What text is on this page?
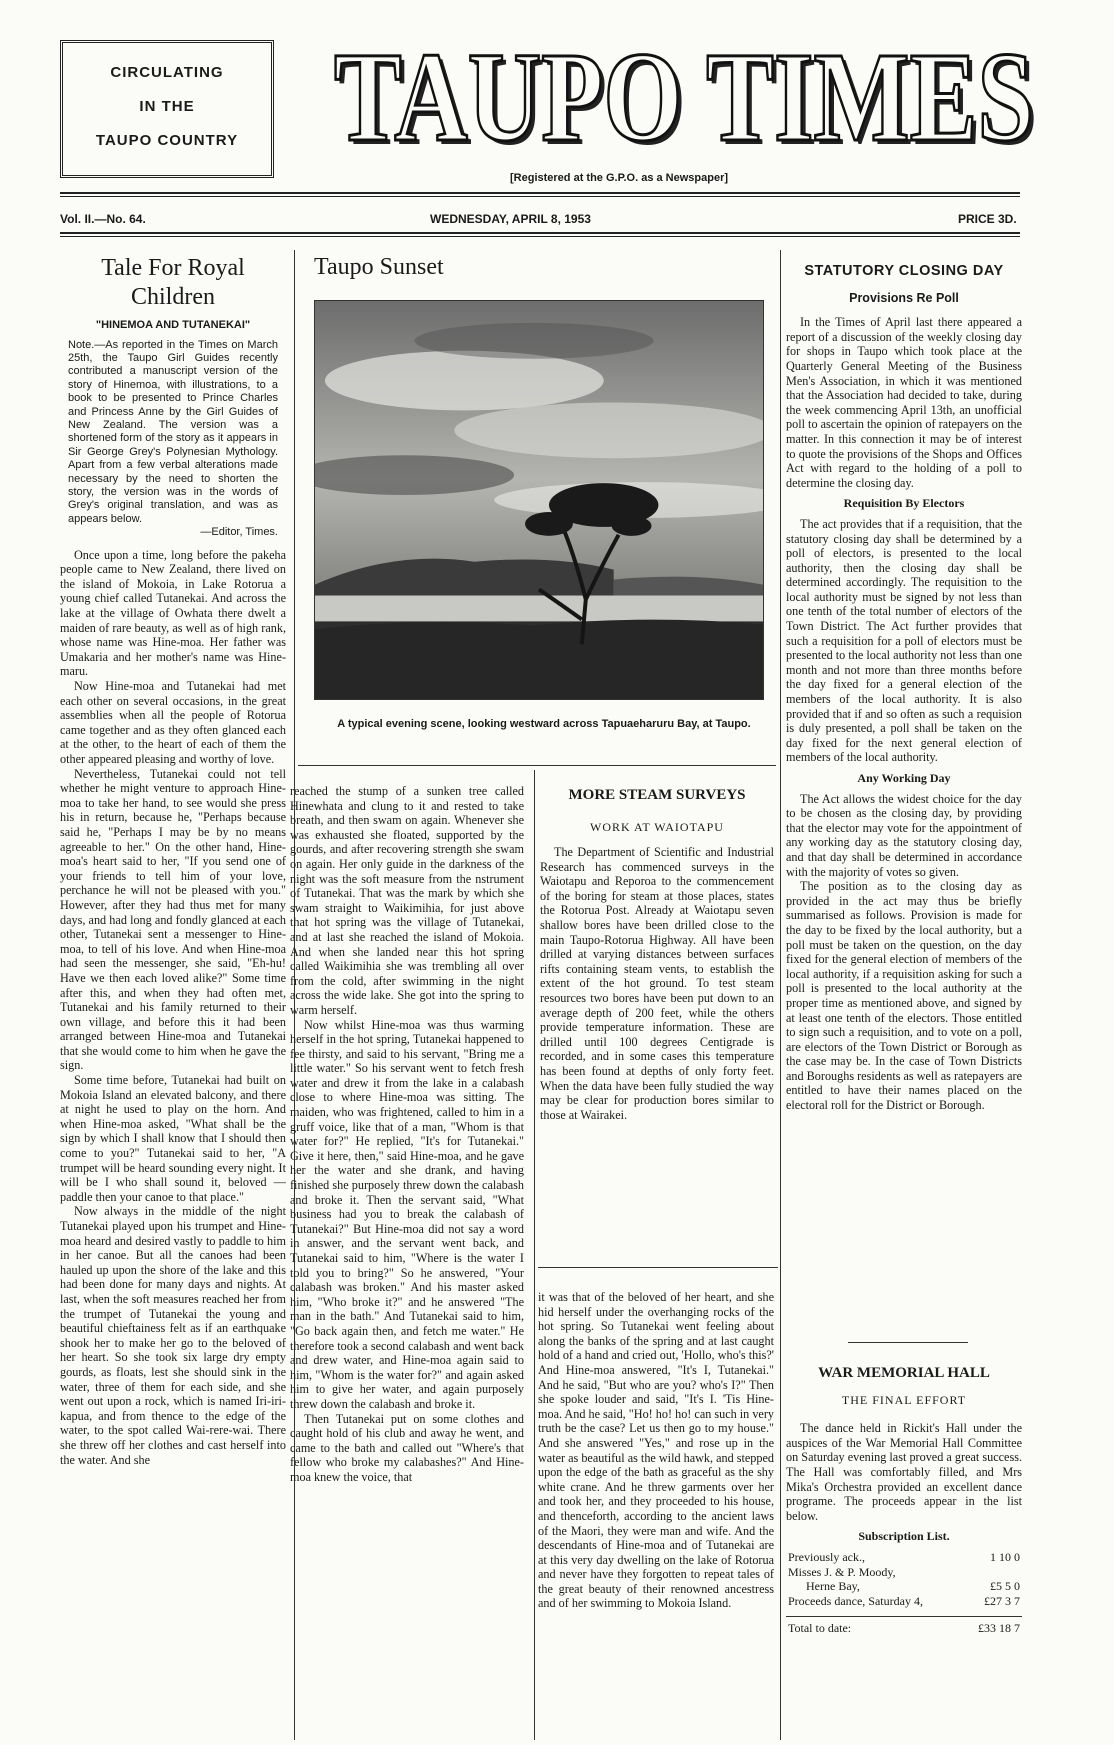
CIRCULATING
IN THE
TAUPO COUNTRY TAUPO TIMES
TAUPO TIMES
[Registered at the G.P.O. as a Newspaper]
Vol. II.—No. 64.	WEDNESDAY, APRIL 8, 1953	PRICE 3D.
Tale For Royal
Children
"HINEMOA AND TUTANEKAI"
Note.—As reported in the Times on March 25th, the Taupo Girl Guides recently contributed a manuscript version of the story of Hinemoa, with illustrations, to a book to be presented to Prince Charles and Princess Anne by the Girl Guides of New Zealand. The version was a shortened form of the story as it appears in Sir George Grey's Polynesian Mythology. Apart from a few verbal alterations made necessary by the need to shorten the story, the version was in the words of Grey's original translation, and was as appears below.
—Editor, Times.

Once upon a time, long before the pakeha people came to New Zealand, there lived on the island of Mokoia, in Lake Rotorua a young chief called Tutanekai. And across the lake at the village of Owhata there dwelt a maiden of rare beauty, as well as of high rank, whose name was Hine-moa. Her father was Umakaria and her mother's name was Hine-maru.

Now Hine-moa and Tutanekai had met each other on several occasions, in the great assemblies when all the people of Rotorua came together and as they often glanced each at the other, to the heart of each of them the other appeared pleasing and worthy of love.

Nevertheless, Tutanekai could not tell whether he might venture to approach Hine-moa to take her hand, to see would she press his in return, because he, "Perhaps because said he, "Perhaps I may be by no means agreeable to her." On the other hand, Hine-moa's heart said to her, "If you send one of your friends to tell him of your love, perchance he will not be pleased with you." However, after they had thus met for many days, and had long and fondly glanced at each other, Tutanekai sent a messenger to Hine-moa, to tell of his love. And when Hine-moa had seen the messenger, she said, "Eh-hu! Have we then each loved alike?" Some time after this, and when they had often met, Tutanekai and his family returned to their own village, and before this it had been arranged between Hine-moa and Tutanekai that she would come to him when he gave the sign.

Some time before, Tutanekai had built on Mokoia Island an elevated balcony, and there at night he used to play on the horn. And when Hine-moa asked, "What shall be the sign by which I shall know that I should then come to you?" Tutanekai said to her, "A trumpet will be heard sounding every night. It will be I who shall sound it, beloved — paddle then your canoe to that place."

Now always in the middle of the night Tutanekai played upon his trumpet and Hine-moa heard and desired vastly to paddle to him in her canoe. But all the canoes had been hauled up upon the shore of the lake and this had been done for many days and nights. At last, when the soft measures reached her from the trumpet of Tutanekai the young and beautiful chieftainess felt as if an earthquake shook her to make her go to the beloved of her heart. So she took six large dry empty gourds, as floats, lest she should sink in the water, three of them for each side, and she went out upon a rock, which is named Iri-iri-kapua, and from thence to the edge of the water, to the spot called Wai-rere-wai. There she threw off her clothes and cast herself into the water. And she

Taupo Sunset
A typical evening scene, looking westward across Tapuaeharuru Bay, at Taupo.

reached the stump of a sunken tree called Hinewhata and clung to it and rested to take breath, and then swam on again. Whenever she was exhausted she floated, supported by the gourds, and after recovering strength she swam on again. Her only guide in the darkness of the night was the soft measure from the nstrument of Tutanekai. That was the mark by which she swam straight to Waikimihia, for just above that hot spring was the village of Tutanekai, and at last she reached the island of Mokoia. And when she landed near this hot spring called Waikimihia she was trembling all over from the cold, after swimming in the night across the wide lake. She got into the spring to warm herself.

Now whilst Hine-moa was thus warming herself in the hot spring, Tutanekai happened to fee thirsty, and said to his servant, "Bring me a little water." So his servant went to fetch fresh water and drew it from the lake in a calabash close to where Hine-moa was sitting. The maiden, who was frightened, called to him in a gruff voice, like that of a man, "Whom is that water for?" He replied, "It's for Tutanekai." Give it here, then," said Hine-moa, and he gave her the water and she drank, and having finished she purposely threw down the calabash and broke it. Then the servant said, "What business had you to break the calabash of Tutanekai?" But Hine-moa did not say a word in answer, and the servant went back, and Tutanekai said to him, "Where is the water I told you to bring?" So he answered, "Your calabash was broken." And his master asked him, "Who broke it?" and he answered "The man in the bath." And Tutanekai said to him, "Go back again then, and fetch me water." He therefore took a second calabash and went back and drew water, and Hine-moa again said to him, "Whom is the water for?" and again asked him to give her water, and again purposely threw down the calabash and broke it.

Then Tutanekai put on some clothes and caught hold of his club and away he went, and came to the bath and called out "Where's that fellow who broke my calabashes?" And Hine-moa knew the voice, that

MORE STEAM SURVEYS
WORK AT WAIOTAPU

The Department of Scientific and Industrial Research has commenced surveys in the Waiotapu and Reporoa to the commencement of the boring for steam at those places, states the Rotorua Post. Already at Waiotapu seven shallow bores have been drilled close to the main Taupo-Rotorua Highway. All have been drilled at varying distances between surfaces rifts containing steam vents, to establish the extent of the hot ground. To test steam resources two bores have been put down to an average depth of 200 feet, while the others provide temperature information. These are drilled until 100 degrees Centigrade is recorded, and in some cases this temperature has been found at depths of only forty feet. When the data have been fully studied the way may be clear for production bores similar to those at Wairakei.

it was that of the beloved of her heart, and she hid herself under the overhanging rocks of the hot spring. So Tutanekai went feeling about along the banks of the spring and at last caught hold of a hand and cried out, 'Hollo, who's this?' And Hine-moa answered, "It's I, Tutanekai." And he said, "But who are you? who's I?" Then she spoke louder and said, "It's I. 'Tis Hine-moa. And he said, "Ho! ho! ho! can such in very truth be the case? Let us then go to my house." And she answered "Yes," and rose up in the water as beautiful as the wild hawk, and stepped upon the edge of the bath as graceful as the shy white crane. And he threw garments over her and took her, and they proceeded to his house, and thenceforth, according to the ancient laws of the Maori, they were man and wife. And the descendants of Hine-moa and of Tutanekai are at this very day dwelling on the lake of Rotorua and never have they forgotten to repeat tales of the great beauty of their renowned ancestress and of her swimming to Mokoia Island.

STATUTORY CLOSING DAY
Provisions Re Poll

In the Times of April last there appeared a report of a discussion of the weekly closing day for shops in Taupo which took place at the Quarterly General Meeting of the Business Men's Association, in which it was mentioned that the Association had decided to take, during the week commencing April 13th, an unofficial poll to ascertain the opinion of ratepayers on the matter. In this connection it may be of interest to quote the provisions of the Shops and Offices Act with regard to the holding of a poll to determine the closing day.

Requisition By Electors

The act provides that if a requisition, that the statutory closing day shall be determined by a poll of electors, is presented to the local authority, then the closing day shall be determined accordingly. The requisition to the local authority must be signed by not less than one tenth of the total number of electors of the Town District. The Act further provides that such a requisition for a poll of electors must be presented to the local authority not less than one month and not more than three months before the day fixed for a general election of the members of the local authority. It is also provided that if and so often as such a requision is duly presented, a poll shall be taken on the day fixed for the next general election of members of the local authority.

Any Working Day

The Act allows the widest choice for the day to be chosen as the closing day, by providing that the elector may vote for the appointment of any working day as the statutory closing day, and that day shall be determined in accordance with the majority of votes so given.

The position as to the closing day as provided in the act may thus be briefly summarised as follows. Provision is made for the day to be fixed by the local authority, but a poll must be taken on the question, on the day fixed for the general election of members of the local authority, if a requisition asking for such a poll is presented to the local authority at the proper time as mentioned above, and signed by at least one tenth of the electors. Those entitled to sign such a requisition, and to vote on a poll, are electors of the Town District or Borough as the case may be. In the case of Town Districts and Boroughs residents as well as ratepayers are entitled to have their names placed on the electoral roll for the District or Borough.

WAR MEMORIAL HALL
THE FINAL EFFORT

The dance held in Rickit's Hall under the auspices of the War Memorial Hall Committee on Saturday evening last proved a great success. The Hall was comfortably filled, and Mrs Mika's Orchestra provided an excellent dance programe. The proceeds appear in the list below.

Subscription List.
Previously ack.,	1 10 0
Misses J. & P. Moody,	
Herne Bay,	£5 5 0
Proceeds dance, Saturday 4,	£27 3 7
Total to date:	£33 18 7
